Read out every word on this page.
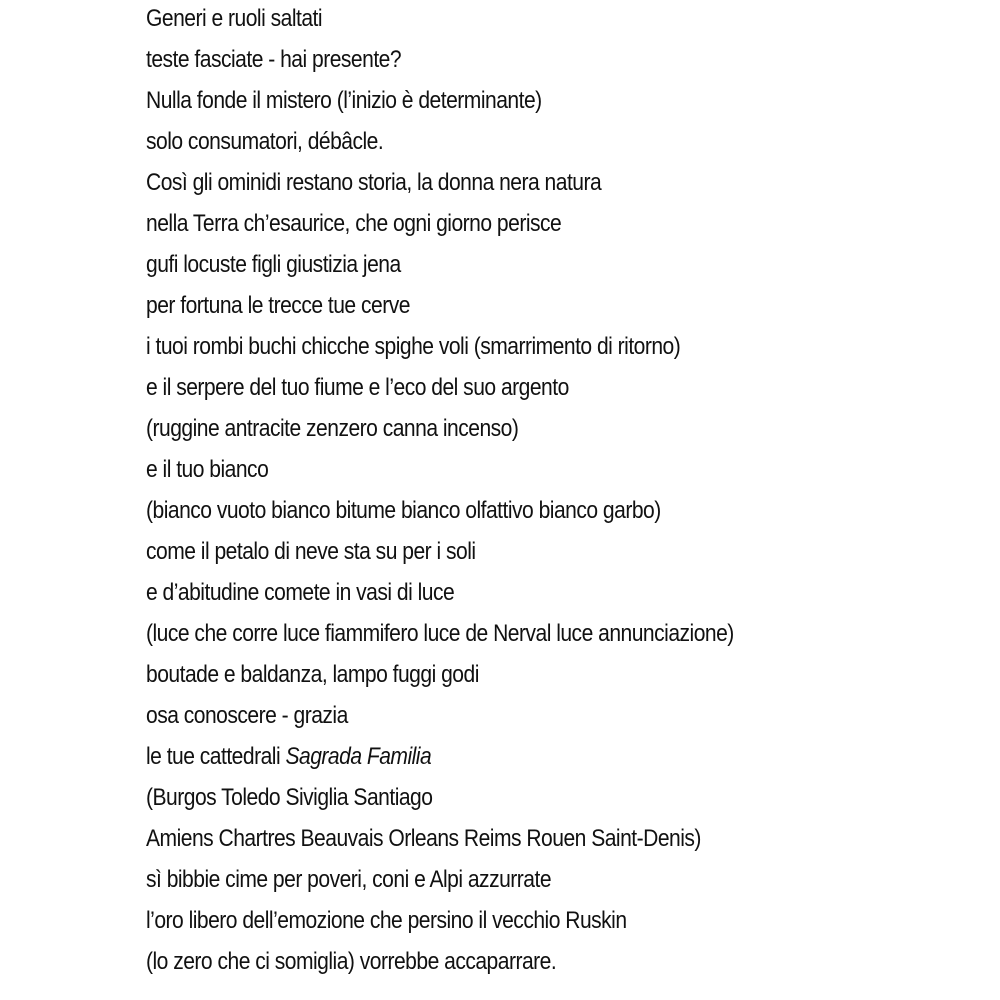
Generi e ruoli saltati

teste fasciate - hai presente?

Nulla fonde il mistero (l’inizio è determinante)

solo consumatori, débâcle.

Così gli ominidi restano storia, la donna nera natura

nella Terra ch’esaurice, che ogni giorno perisce

gufi locuste figli giustizia jena

per fortuna le trecce tue cerve

i tuoi rombi buchi chicche spighe voli (smarrimento di ritorno)

e il serpere del tuo fiume e l’eco del suo argento

(ruggine antracite zenzero canna incenso)

e il tuo bianco

(bianco vuoto bianco bitume bianco olfattivo bianco garbo)

come il petalo di neve sta su per i soli

e d’abitudine comete in vasi di luce

(luce che corre luce fiammifero luce de Nerval luce annunciazione)

boutade e baldanza, lampo fuggi godi

osa conoscere - grazia

le tue cattedrali Sagrada Familia

(Burgos Toledo Siviglia Santiago

Amiens Chartres Beauvais Orleans Reims Rouen Saint-Denis)

sì bibbie cime per poveri, coni e Alpi azzurrate

l’oro libero dell’emozione che persino il vecchio Ruskin

(lo zero che ci somiglia) vorrebbe accaparrare.
